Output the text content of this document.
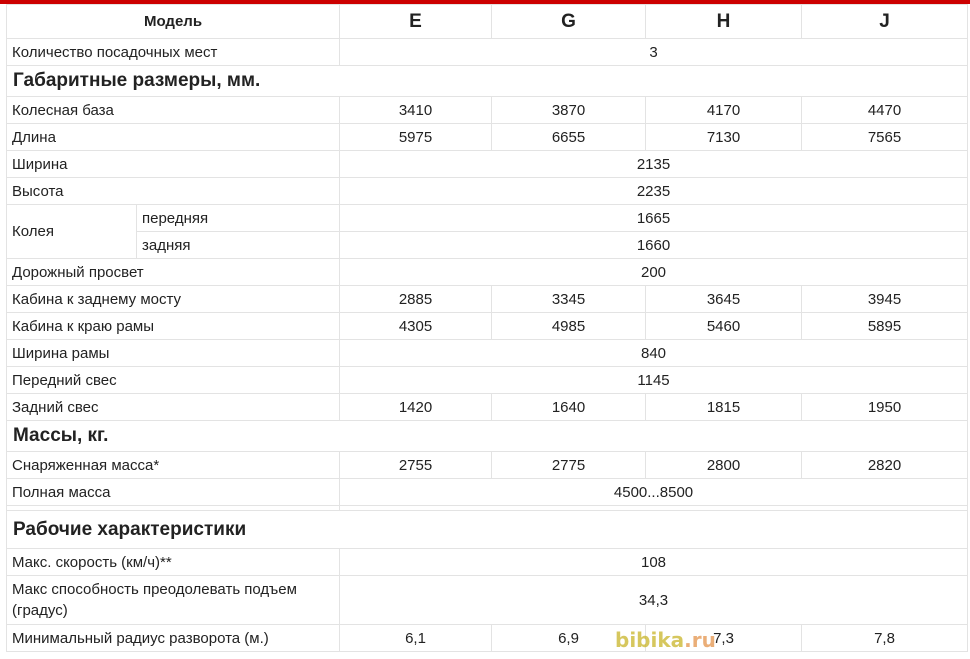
Модель		E	G	H	J
Количество посадочных мест		3			
Габаритные размеры, мм.					
Колесная база		3410	3870	4170	4470
Длина		5975	6655	7130	7565
Ширина		2135			
Высота		2235			
Колея	передняя	1665			
	задняя	1660			
Дорожный просвет		200			
Кабина к заднему мосту		2885	3345	3645	3945
Кабина к краю рамы		4305	4985	5460	5895
Ширина рамы		840			
Передний свес		1145			
Задний свес		1420	1640	1815	1950
Массы, кг.					
Снаряженная масса*		2755	2775	2800	2820
Полная масса		4500...8500			

Рабочие характеристики					
Макс. скорость (км/ч)**		108			
Макс способность преодолевать подъем (градус)		34,3			
Минимальный радиус разворота (м.)		6,1	6,9	7,3	7,8
bibika.ru
